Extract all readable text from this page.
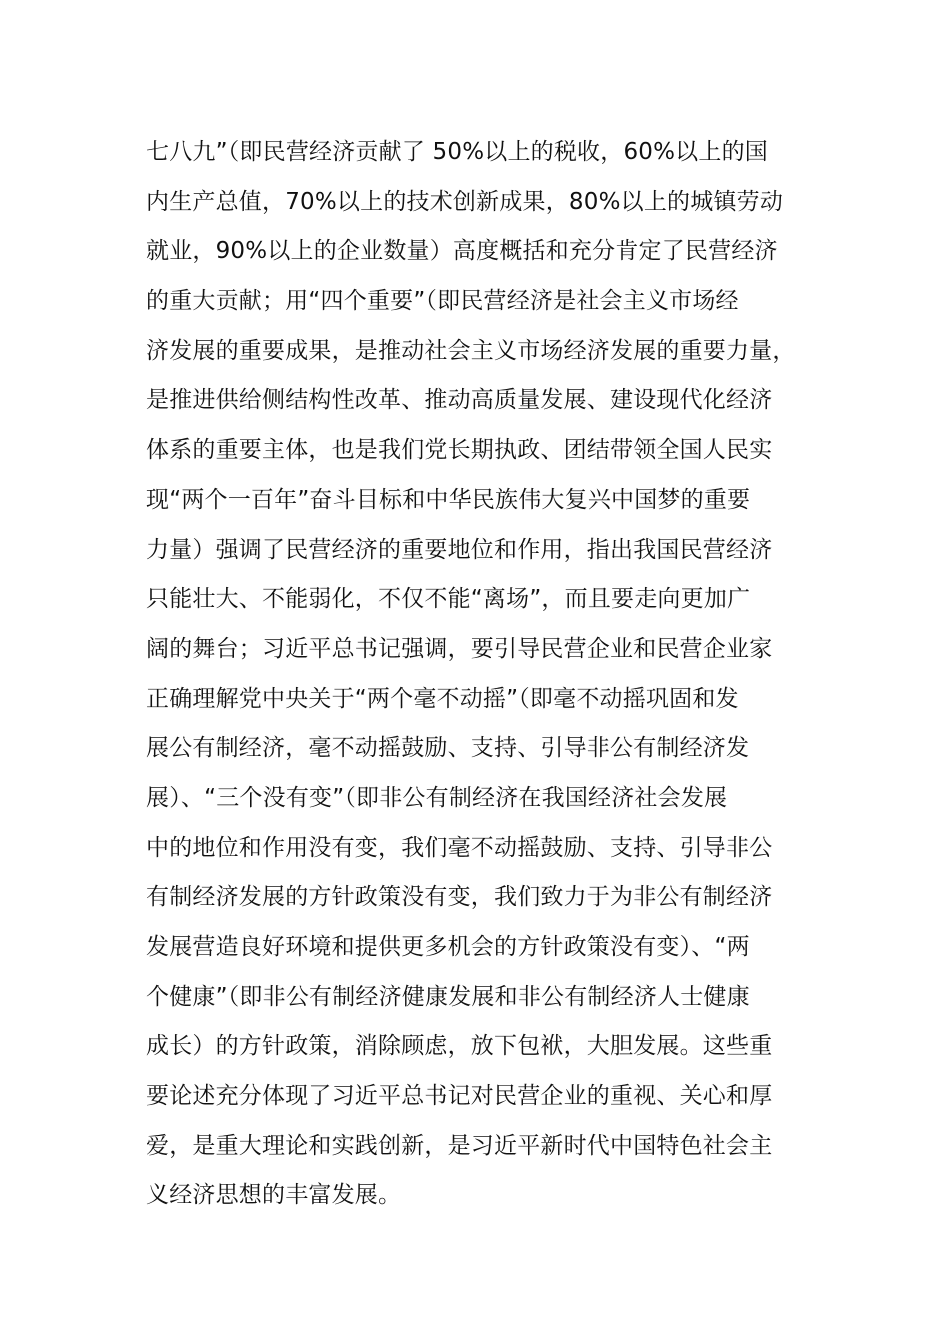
七八九”（即民营经济贡献了 50%以上的税收，60%以上的国
内生产总值，70%以上的技术创新成果，80%以上的城镇劳动
就业，90%以上的企业数量）高度概括和充分肯定了民营经济
的重大贡献；用“四个重要”（即民营经济是社会主义市场经
济发展的重要成果，是推动社会主义市场经济发展的重要力量，
是推进供给侧结构性改革、推动高质量发展、建设现代化经济
体系的重要主体，也是我们党长期执政、团结带领全国人民实
现“两个一百年”奋斗目标和中华民族伟大复兴中国梦的重要
力量）强调了民营经济的重要地位和作用，指出我国民营经济
只能壮大、不能弱化，不仅不能“离场”，而且要走向更加广
阔的舞台；习近平总书记强调，要引导民营企业和民营企业家
正确理解党中央关于“两个毫不动摇”（即毫不动摇巩固和发
展公有制经济，毫不动摇鼓励、支持、引导非公有制经济发
展）、“三个没有变”（即非公有制经济在我国经济社会发展
中的地位和作用没有变，我们毫不动摇鼓励、支持、引导非公
有制经济发展的方针政策没有变，我们致力于为非公有制经济
发展营造良好环境和提供更多机会的方针政策没有变）、“两
个健康”（即非公有制经济健康发展和非公有制经济人士健康
成长）的方针政策，消除顾虑，放下包袱，大胆发展。这些重
要论述充分体现了习近平总书记对民营企业的重视、关心和厚
爱，是重大理论和实践创新，是习近平新时代中国特色社会主
义经济思想的丰富发展。
